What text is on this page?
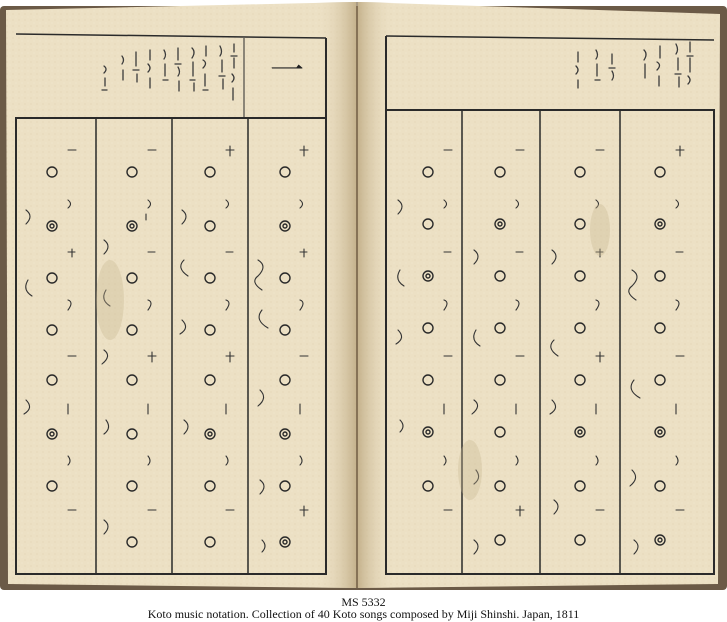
一
MS 5332
Koto music notation. Collection of 40 Koto songs composed by Miji Shinshi. Japan, 1811
